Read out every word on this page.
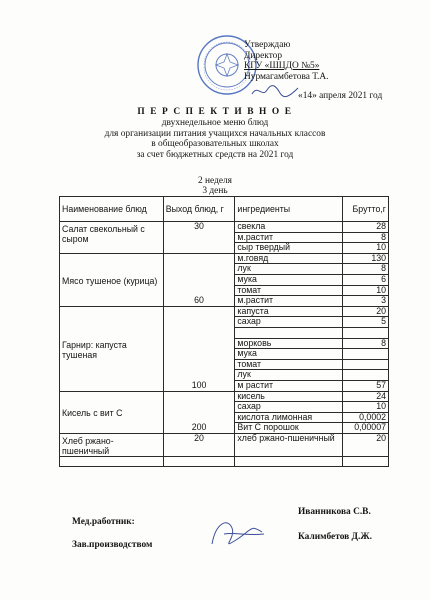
Утверждаю
Директор
КГУ «ШЦДО №5»
Нурмагамбетова Т.А.
«14» апреля 2021 год
П Е Р С П Е К Т И В Н О Е
двухнедельное меню блюд
для организации питания учащихся начальных классов
в общеобразовательных школах
за счет бюджетных средств на 2021 год
2 неделя
3 день
Наименование блюд	Выход блюд, г	ингредиенты	Брутто,г
Салат свекольный с сыром	30	свекла	28
		м.растит	8
		сыр твердый	10
Мясо тушеное (курица)	60	м.говяд	130
		лук	8
		мука	6
		томат	10
		м.растит	3
Гарнир: капуста тушеная	100	капуста	20
		сахар	5

		морковь	8
		мука	
		томат	
		лук	
		м растит	57
Кисель с вит С	200	кисель	24
		сахар	10
		кислота лимонная	0,0002
		Вит С порошок	0,00007
Хлеб ржано-пшеничный	20	хлеб ржано-пшеничный	20

Мед.работник:
Иванникова С.В.
Зав.производством
Калимбетов Д.Ж.
